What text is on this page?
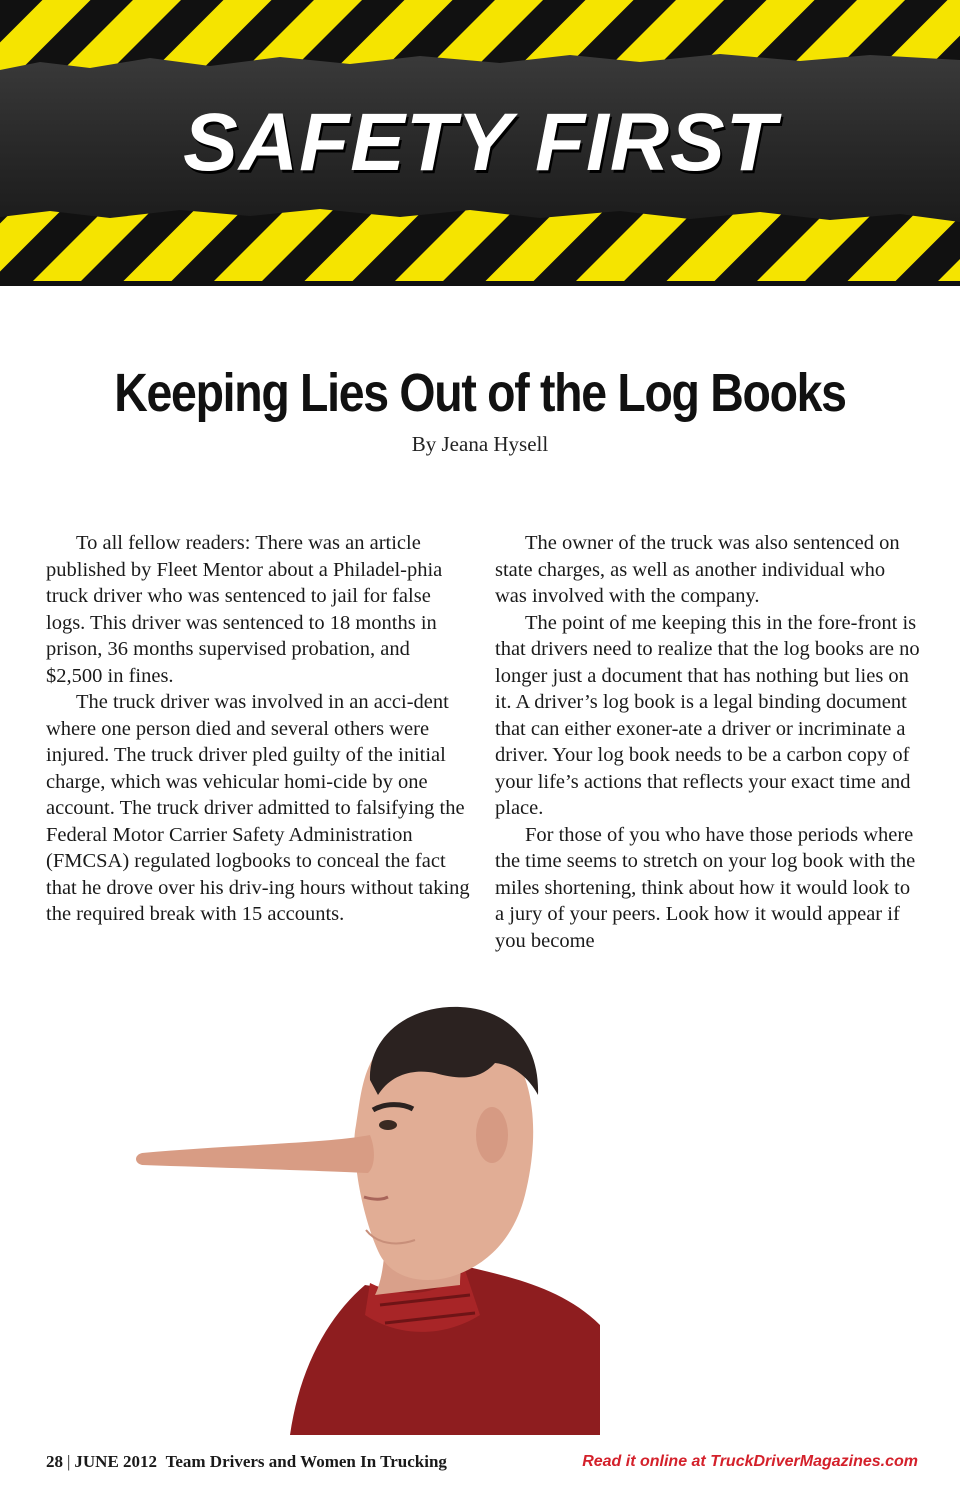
SAFETY FIRST
Keeping Lies Out of the Log Books
By Jeana Hysell

To all fellow readers: There was an article published by Fleet Mentor about a Philadel-phia truck driver who was sentenced to jail for false logs. This driver was sentenced to 18 months in prison, 36 months supervised probation, and $2,500 in fines.

The truck driver was involved in an acci-dent where one person died and several others were injured. The truck driver pled guilty of the initial charge, which was vehicular homi-cide by one account. The truck driver admitted to falsifying the Federal Motor Carrier Safety Administration (FMCSA) regulated logbooks to conceal the fact that he drove over his driv-ing hours without taking the required break with 15 accounts.

The owner of the truck was also sentenced on state charges, as well as another individual who was involved with the company.

The point of me keeping this in the fore-front is that drivers need to realize that the log books are no longer just a document that has nothing but lies on it. A driver’s log book is a legal binding document that can either exoner-ate a driver or incriminate a driver. Your log book needs to be a carbon copy of your life’s actions that reflects your exact time and place.

For those of you who have those periods where the time seems to stretch on your log book with the miles shortening, think about how it would look to a jury of your peers. Look how it would appear if you become

28 | JUNE 2012 Team Drivers and Women In Trucking	Read it online at TruckDriverMagazines.com
